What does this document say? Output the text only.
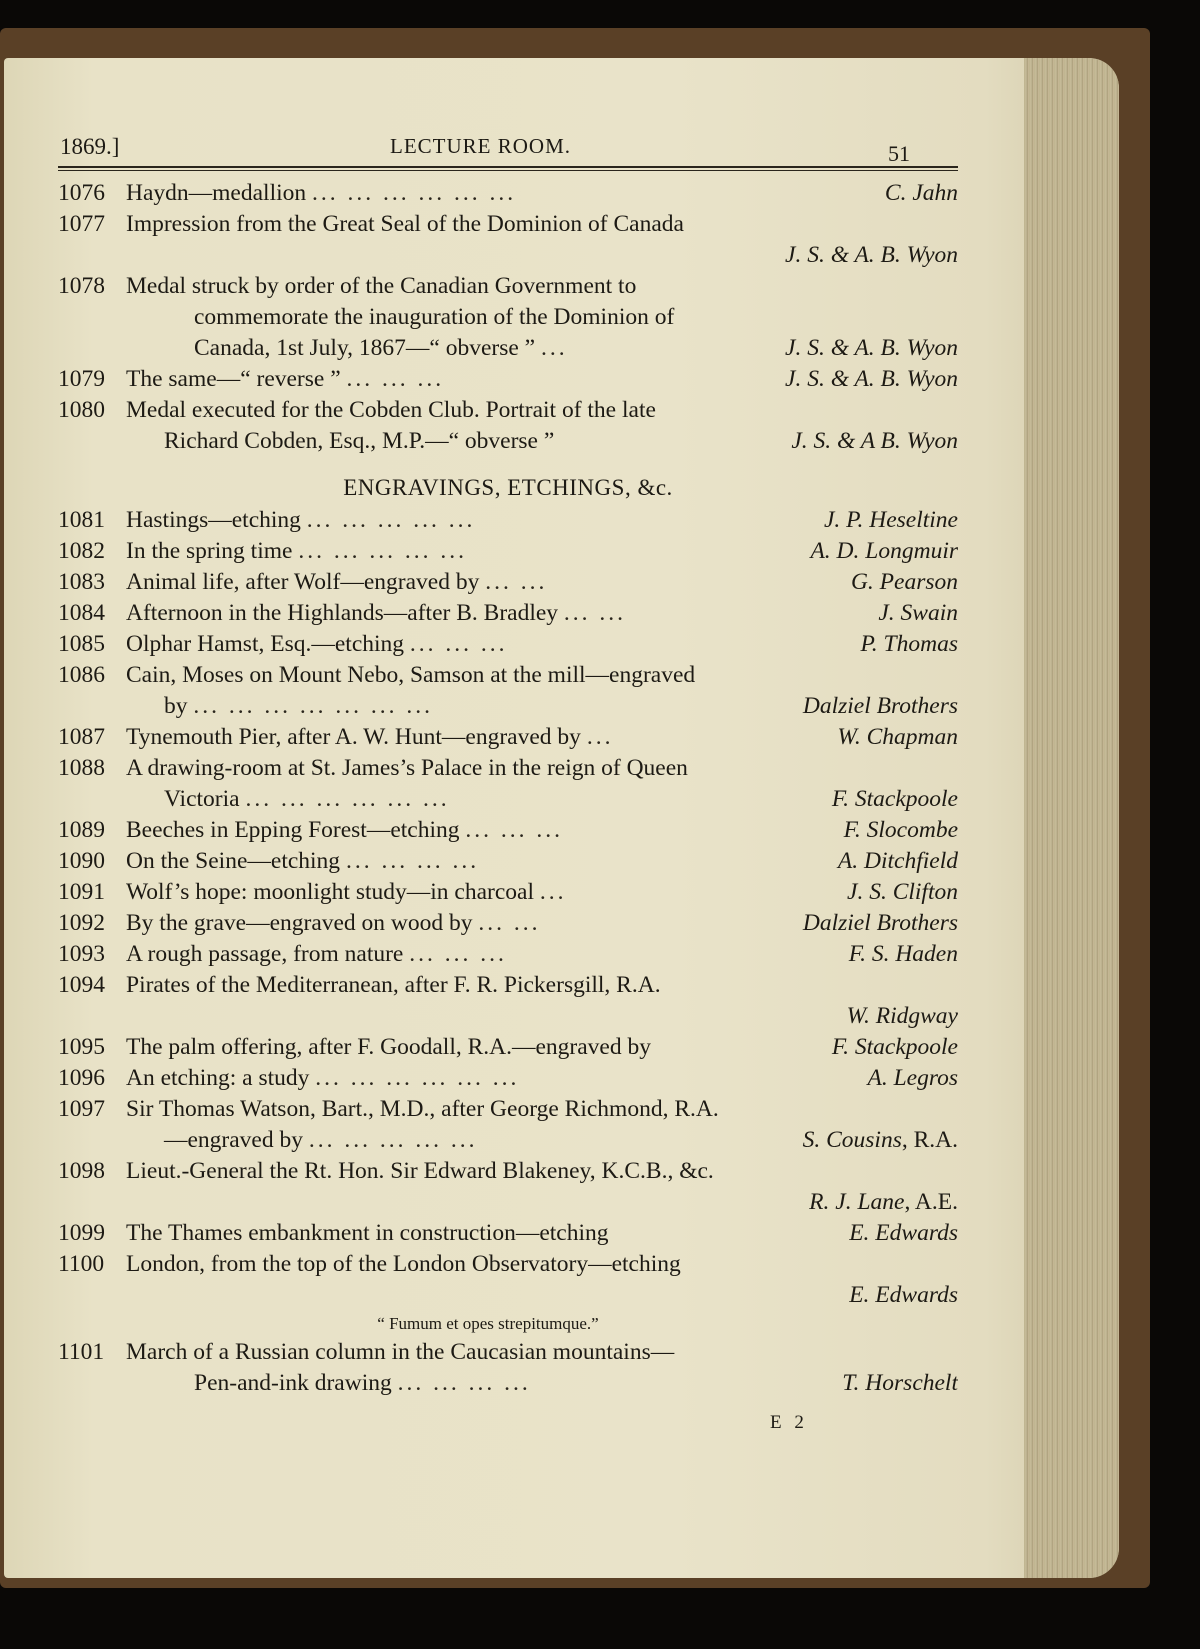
1869.]	LECTURE ROOM.	51
1076 Haydn—medallion ... ... ... ... ... ...	C. Jahn
1077 Impression from the Great Seal of the Dominion of Canada
J. S. & A. B. Wyon
1078 Medal struck by order of the Canadian Government to
commemorate the inauguration of the Dominion of
Canada, 1st July, 1867—“ obverse ” ...	J. S. & A. B. Wyon
1079 The same—“ reverse ” ... ... ...	J. S. & A. B. Wyon
1080 Medal executed for the Cobden Club. Portrait of the late
Richard Cobden, Esq., M.P.—“ obverse ”	J. S. & A B. Wyon
ENGRAVINGS, ETCHINGS, &c.
1081 Hastings—etching ... ... ... ... ...	J. P. Heseltine
1082 In the spring time ... ... ... ... ...	A. D. Longmuir
1083 Animal life, after Wolf—engraved by ... ...	G. Pearson
1084 Afternoon in the Highlands—after B. Bradley ... ...	J. Swain
1085 Olphar Hamst, Esq.—etching ... ... ...	P. Thomas
1086 Cain, Moses on Mount Nebo, Samson at the mill—engraved
by ... ... ... ... ... ... ...	Dalziel Brothers
1087 Tynemouth Pier, after A. W. Hunt—engraved by ...	W. Chapman
1088 A drawing-room at St. James’s Palace in the reign of Queen
Victoria ... ... ... ... ... ...	F. Stackpoole
1089 Beeches in Epping Forest—etching ... ... ...	F. Slocombe
1090 On the Seine—etching ... ... ... ...	A. Ditchfield
1091 Wolf’s hope: moonlight study—in charcoal ...	J. S. Clifton
1092 By the grave—engraved on wood by ... ...	Dalziel Brothers
1093 A rough passage, from nature ... ... ...	F. S. Haden
1094 Pirates of the Mediterranean, after F. R. Pickersgill, R.A.
W. Ridgway
1095 The palm offering, after F. Goodall, R.A.—engraved by	F. Stackpoole
1096 An etching: a study ... ... ... ... ... ...	A. Legros
1097 Sir Thomas Watson, Bart., M.D., after George Richmond, R.A.
—engraved by ... ... ... ... ...	S. Cousins, R.A.
1098 Lieut.-General the Rt. Hon. Sir Edward Blakeney, K.C.B., &c.
R. J. Lane, A.E.
1099 The Thames embankment in construction—etching	E. Edwards
1100 London, from the top of the London Observatory—etching
E. Edwards
“ Fumum et opes strepitumque.”
1101 March of a Russian column in the Caucasian mountains—
Pen-and-ink drawing ... ... ... ...	T. Horschelt
E 2
